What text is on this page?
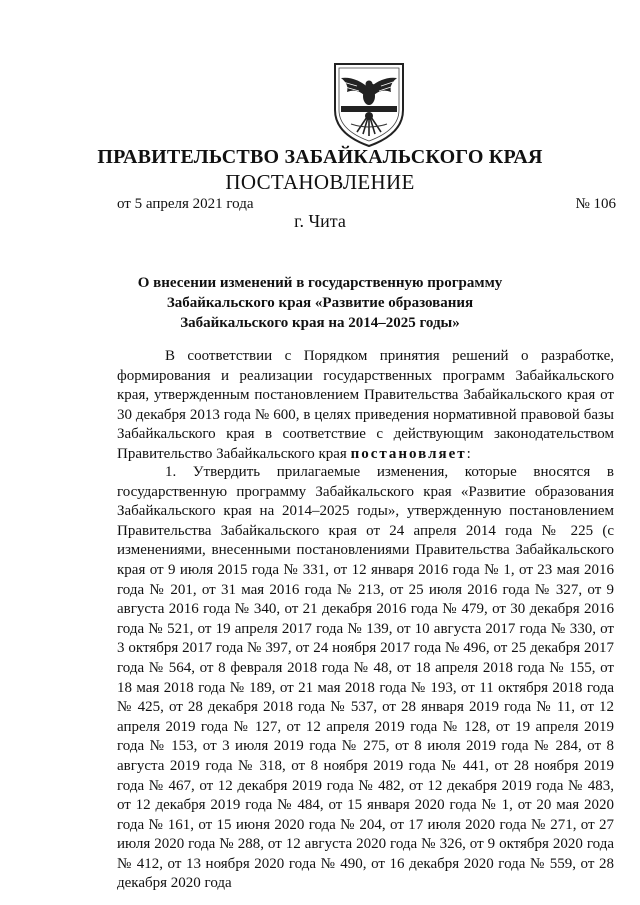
ПРАВИТЕЛЬСТВО ЗАБАЙКАЛЬСКОГО КРАЯ
ПОСТАНОВЛЕНИЕ
от 5 апреля 2021 года	№ 106
г. Чита
О внесении изменений в государственную программу Забайкальского края «Развитие образования Забайкальского края на 2014–2025 годы»

В соответствии с Порядком принятия решений о разработке, формирования и реализации государственных программ Забайкальского края, утвержденным постановлением Правительства Забайкальского края от 30 декабря 2013 года № 600, в целях приведения нормативной правовой базы Забайкальского края в соответствие с действующим законодательством Правительство Забайкальского края постановляет:

1. Утвердить прилагаемые изменения, которые вносятся в государственную программу Забайкальского края «Развитие образования Забайкальского края на 2014–2025 годы», утвержденную постановлением Правительства Забайкальского края от 24 апреля 2014 года № 225 (с изменениями, внесенными постановлениями Правительства Забайкальского края от 9 июля 2015 года № 331, от 12 января 2016 года № 1, от 23 мая 2016 года № 201, от 31 мая 2016 года № 213, от 25 июля 2016 года № 327, от 9 августа 2016 года № 340, от 21 декабря 2016 года № 479, от 30 декабря 2016 года № 521, от 19 апреля 2017 года № 139, от 10 августа 2017 года № 330, от 3 октября 2017 года № 397, от 24 ноября 2017 года № 496, от 25 декабря 2017 года № 564, от 8 февраля 2018 года № 48, от 18 апреля 2018 года № 155, от 18 мая 2018 года № 189, от 21 мая 2018 года № 193, от 11 октября 2018 года № 425, от 28 декабря 2018 года № 537, от 28 января 2019 года № 11, от 12 апреля 2019 года № 127, от 12 апреля 2019 года № 128, от 19 апреля 2019 года № 153, от 3 июля 2019 года № 275, от 8 июля 2019 года № 284, от 8 августа 2019 года № 318, от 8 ноября 2019 года № 441, от 28 ноября 2019 года № 467, от 12 декабря 2019 года № 482, от 12 декабря 2019 года № 483, от 12 декабря 2019 года № 484, от 15 января 2020 года № 1, от 20 мая 2020 года № 161, от 15 июня 2020 года № 204, от 17 июля 2020 года № 271, от 27 июля 2020 года № 288, от 12 августа 2020 года № 326, от 9 октября 2020 года № 412, от 13 ноября 2020 года № 490, от 16 декабря 2020 года № 559, от 28 декабря 2020 года
